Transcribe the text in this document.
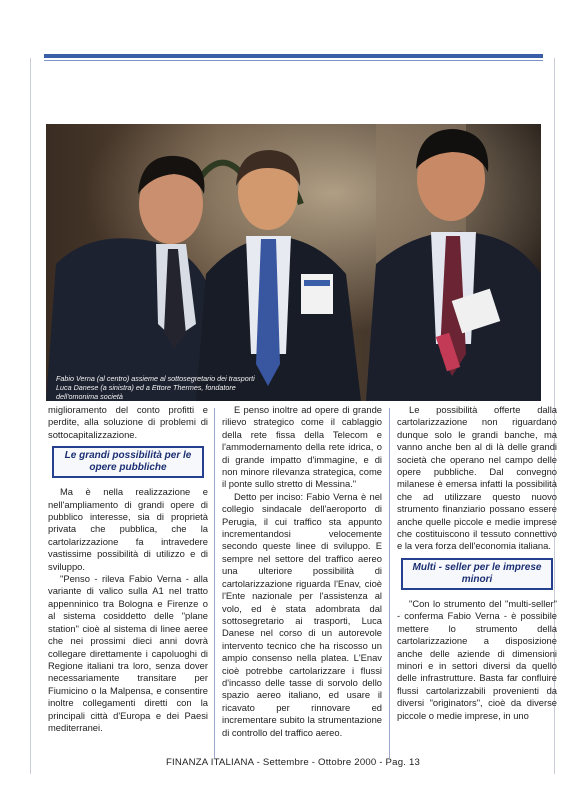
Fabio Verna (al centro) assieme al sottosegretario dei trasporti Luca Danese (a sinistra) ed a Ettore Thermes, fondatore dell'omonima società

miglioramento del conto profitti e perdite, alla soluzione di problemi di sottocapitalizzazione.

Le grandi possibilità per le opere pubbliche

Ma è nella realizzazione e nell'ampliamento di grandi opere di pubblico interesse, sia di proprietà privata che pubblica, che la cartolarizzazione fa intravedere vastissime possibilità di utilizzo e di sviluppo.

"Penso - rileva Fabio Verna - alla variante di valico sulla A1 nel tratto appenninico tra Bologna e Firenze o al sistema cosiddetto delle "plane station" cioè al sistema di linee aeree che nei prossimi dieci anni dovrà collegare direttamente i capoluoghi di Regione italiani tra loro, senza dover necessariamente transitare per Fiumicino o la Malpensa, e consentire inoltre collegamenti diretti con la principali città d'Europa e dei Paesi mediterranei.

E penso inoltre ad opere di grande rilievo strategico come il cablaggio della rete fissa della Telecom e l'ammodernamento della rete idrica, o di grande impatto d'immagine, e di non minore rilevanza strategica, come il ponte sullo stretto di Messina."

Detto per inciso: Fabio Verna è nel collegio sindacale dell'aeroporto di Perugia, il cui traffico sta appunto incrementandosi velocemente secondo queste linee di sviluppo. E sempre nel settore del traffico aereo una ulteriore possibilità di cartolarizzazione riguarda l'Enav, cioè l'Ente nazionale per l'assistenza al volo, ed è stata adombrata dal sottosegretario ai trasporti, Luca Danese nel corso di un autorevole intervento tecnico che ha riscosso un ampio consenso nella platea. L'Enav cioè potrebbe cartolarizzare i flussi d'incasso delle tasse di sorvolo dello spazio aereo italiano, ed usare il ricavato per rinnovare ed incrementare subito la strumentazione di controllo del traffico aereo.

Le possibilità offerte dalla cartolarizzazione non riguardano dunque solo le grandi banche, ma vanno anche ben al di là delle grandi società che operano nel campo delle opere pubbliche. Dal convegno milanese è emersa infatti la possibilità che ad utilizzare questo nuovo strumento finanziario possano essere anche quelle piccole e medie imprese che costituiscono il tessuto connettivo e la vera forza dell'economia italiana.

Multi - seller per le imprese minori

"Con lo strumento del "multi-seller" - conferma Fabio Verna - è possibile mettere lo strumento della cartolarizzazione a disposizione anche delle aziende di dimensioni minori e in settori diversi da quello delle infrastrutture. Basta far confluire flussi cartolarizzabili provenienti da diversi "originators", cioè da diverse piccole o medie imprese, in uno

FINANZA ITALIANA - Settembre - Ottobre 2000 - Pag. 13
